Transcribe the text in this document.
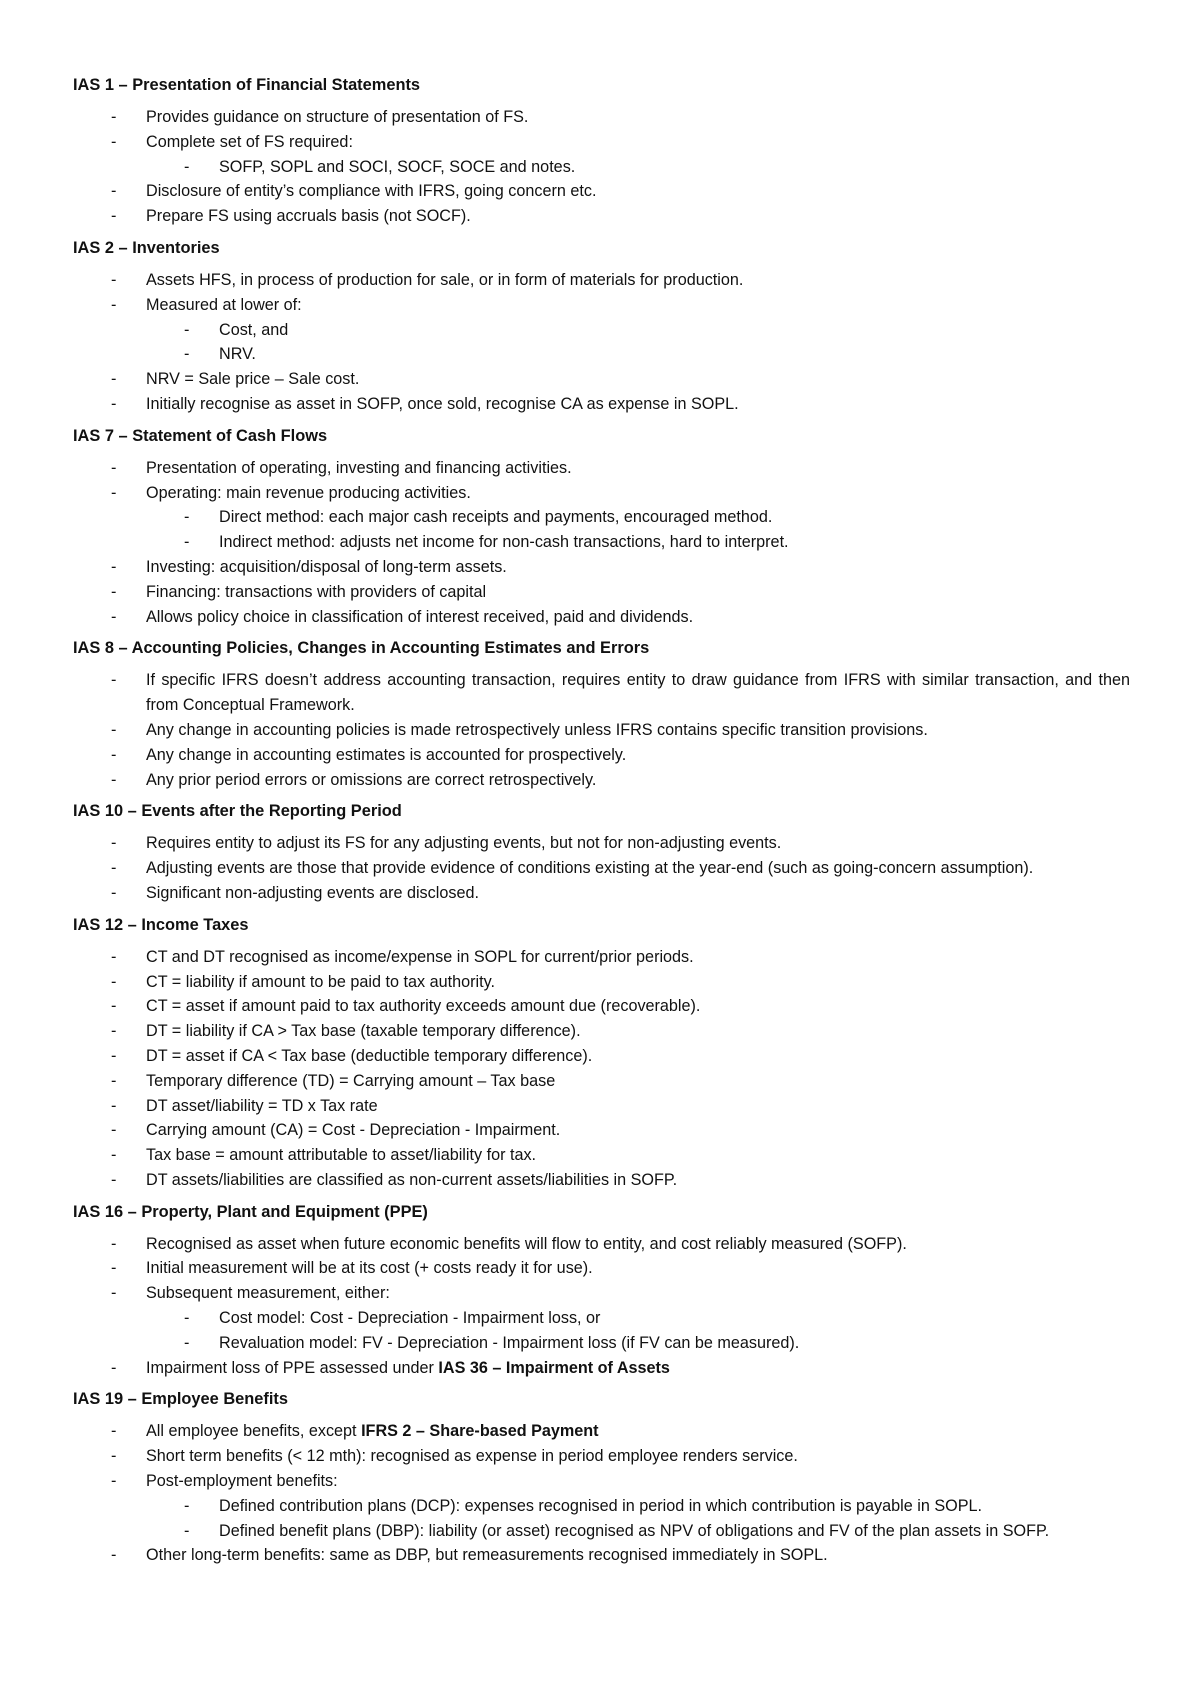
IAS 1 – Presentation of Financial Statements
- Provides guidance on structure of presentation of FS.
- Complete set of FS required:
- SOFP, SOPL and SOCI, SOCF, SOCE and notes.
- Disclosure of entity’s compliance with IFRS, going concern etc.
- Prepare FS using accruals basis (not SOCF).
IAS 2 – Inventories
- Assets HFS, in process of production for sale, or in form of materials for production.
- Measured at lower of:
- Cost, and
- NRV.
- NRV = Sale price – Sale cost.
- Initially recognise as asset in SOFP, once sold, recognise CA as expense in SOPL.
IAS 7 – Statement of Cash Flows
- Presentation of operating, investing and financing activities.
- Operating: main revenue producing activities.
- Direct method: each major cash receipts and payments, encouraged method.
- Indirect method: adjusts net income for non-cash transactions, hard to interpret.
- Investing: acquisition/disposal of long-term assets.
- Financing: transactions with providers of capital
- Allows policy choice in classification of interest received, paid and dividends.
IAS 8 – Accounting Policies, Changes in Accounting Estimates and Errors
- If specific IFRS doesn’t address accounting transaction, requires entity to draw guidance from IFRS with similar transaction, and then from Conceptual Framework.
- Any change in accounting policies is made retrospectively unless IFRS contains specific transition provisions.
- Any change in accounting estimates is accounted for prospectively.
- Any prior period errors or omissions are correct retrospectively.
IAS 10 – Events after the Reporting Period
- Requires entity to adjust its FS for any adjusting events, but not for non-adjusting events.
- Adjusting events are those that provide evidence of conditions existing at the year-end (such as going-concern assumption).
- Significant non-adjusting events are disclosed.
IAS 12 – Income Taxes
- CT and DT recognised as income/expense in SOPL for current/prior periods.
- CT = liability if amount to be paid to tax authority.
- CT = asset if amount paid to tax authority exceeds amount due (recoverable).
- DT = liability if CA > Tax base (taxable temporary difference).
- DT = asset if CA < Tax base (deductible temporary difference).
- Temporary difference (TD) = Carrying amount – Tax base
- DT asset/liability = TD x Tax rate
- Carrying amount (CA) = Cost - Depreciation - Impairment.
- Tax base = amount attributable to asset/liability for tax.
- DT assets/liabilities are classified as non-current assets/liabilities in SOFP.
IAS 16 – Property, Plant and Equipment (PPE)
- Recognised as asset when future economic benefits will flow to entity, and cost reliably measured (SOFP).
- Initial measurement will be at its cost (+ costs ready it for use).
- Subsequent measurement, either:
- Cost model: Cost - Depreciation - Impairment loss, or
- Revaluation model: FV - Depreciation - Impairment loss (if FV can be measured).
- Impairment loss of PPE assessed under IAS 36 – Impairment of Assets
IAS 19 – Employee Benefits
- All employee benefits, except IFRS 2 – Share-based Payment
- Short term benefits (< 12 mth): recognised as expense in period employee renders service.
- Post-employment benefits:
- Defined contribution plans (DCP): expenses recognised in period in which contribution is payable in SOPL.
- Defined benefit plans (DBP): liability (or asset) recognised as NPV of obligations and FV of the plan assets in SOFP.
- Other long-term benefits: same as DBP, but remeasurements recognised immediately in SOPL.
